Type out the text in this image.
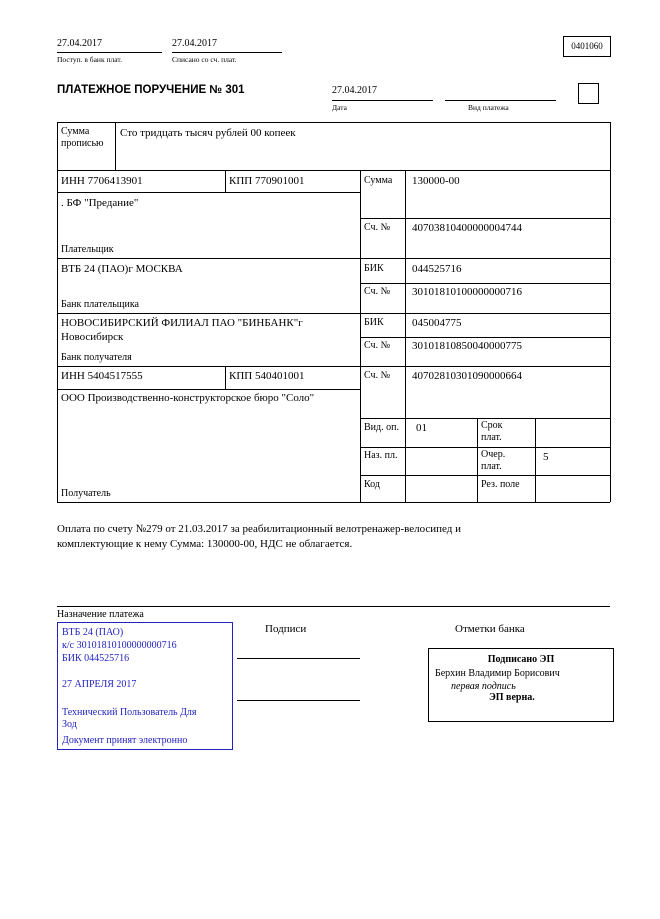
27.04.2017
Поступ. в банк плат.
27.04.2017
Списано со сч. плат.
0401060
ПЛАТЕЖНОЕ ПОРУЧЕНИЕ № 301	27.04.2017
Дата	Вид платежа
Сумма прописью
Сто тридцать тысяч рублей 00 копеек
ИНН 7706413901	КПП 770901001	Сумма 130000-00
. БФ "Предание"
Сч. № 40703810400000004744
Плательщик
ВТБ 24 (ПАО)г МОСКВА	БИК	044525716
Сч. № 30101810100000000716
Банк плательщика
НОВОСИБИРСКИЙ ФИЛИАЛ ПАО "БИНБАНК"г Новосибирск
БИК	045004775
Сч. № 30101810850040000775
Банк получателя
ИНН 5404517555	КПП 540401001	Сч. № 40702810301090000664
ООО Производственно-конструкторское бюро "Соло"
Получатель
Вид. оп. 01	Срок плат.
Наз. пл.	Очер. плат.
5
Код	Рез. поле
Оплата по счету №279 от 21.03.2017 за реабилитационный велотренажер-велосипед и комплектующие к нему Сумма: 130000-00, НДС не облагается.
Назначение платежа
ВТБ 24 (ПАО)
к/с 30101810100000000716
БИК 044525716
27 АПРЕЛЯ 2017
Технический Пользователь Для Зод
Документ принят электронно
Подписи	Отметки банка
Подписано ЭП
Берхин Владимир Борисович
первая подпись
ЭП верна.
